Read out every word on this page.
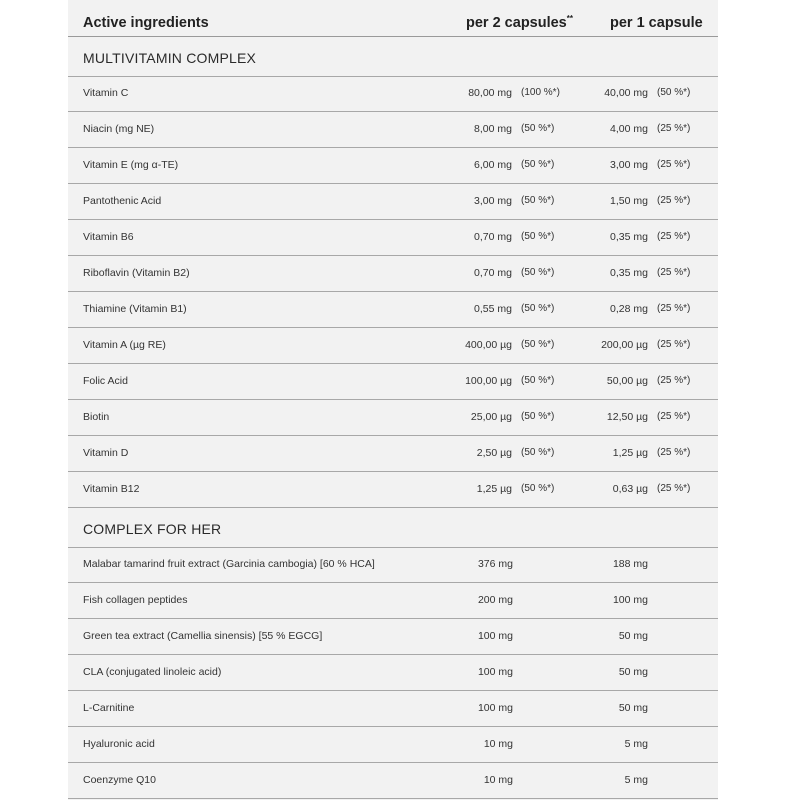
Active ingredients	per 2 capsules**	per 1 capsule
MULTIVITAMIN COMPLEX
Vitamin C	80,00 mg (100 %*)	40,00 mg (50 %*)
Niacin (mg NE)	8,00 mg (50 %*)	4,00 mg (25 %*)
Vitamin E (mg α-TE)	6,00 mg (50 %*)	3,00 mg (25 %*)
Pantothenic Acid	3,00 mg (50 %*)	1,50 mg (25 %*)
Vitamin B6	0,70 mg (50 %*)	0,35 mg (25 %*)
Riboflavin (Vitamin B2)	0,70 mg (50 %*)	0,35 mg (25 %*)
Thiamine (Vitamin B1)	0,55 mg (50 %*)	0,28 mg (25 %*)
Vitamin A (µg RE)	400,00 µg (50 %*)	200,00 µg (25 %*)
Folic Acid	100,00 µg (50 %*)	50,00 µg (25 %*)
Biotin	25,00 µg (50 %*)	12,50 µg (25 %*)
Vitamin D	2,50 µg (50 %*)	1,25 µg (25 %*)
Vitamin B12	1,25 µg (50 %*)	0,63 µg (25 %*)
COMPLEX FOR HER
Malabar tamarind fruit extract (Garcinia cambogia) [60 % HCA]	376 mg	188 mg
Fish collagen peptides	200 mg	100 mg
Green tea extract (Camellia sinensis) [55 % EGCG]	100 mg	50 mg
CLA (conjugated linoleic acid)	100 mg	50 mg
L-Carnitine	100 mg	50 mg
Hyaluronic acid	10 mg	5 mg
Coenzyme Q10	10 mg	5 mg
